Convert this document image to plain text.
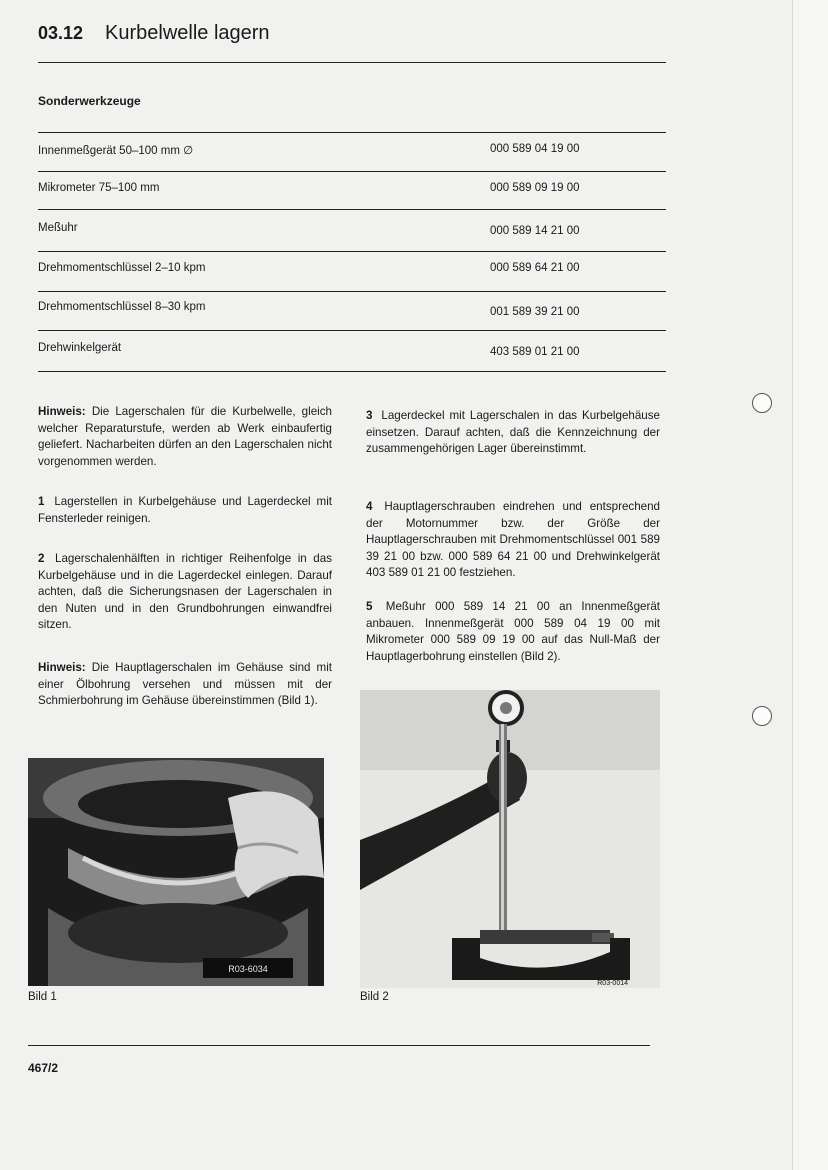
03.12 Kurbelwelle lagern
Sonderwerkzeuge
Innenmeßgerät 50–100 mm ∅	000 589 04 19 00
Mikrometer 75–100 mm	000 589 09 19 00
Meßuhr	000 589 14 21 00
Drehmomentschlüssel 2–10 kpm	000 589 64 21 00
Drehmomentschlüssel 8–30 kpm	001 589 39 21 00
Drehwinkelgerät	403 589 01 21 00
Hinweis: Die Lagerschalen für die Kurbelwelle, gleich welcher Reparaturstufe, werden ab Werk einbaufertig geliefert. Nacharbeiten dürfen an den Lagerschalen nicht vorgenommen werden.
1 Lagerstellen in Kurbelgehäuse und Lagerdeckel mit Fensterleder reinigen.
2 Lagerschalenhälften in richtiger Reihenfolge in das Kurbelgehäuse und in die Lagerdeckel einlegen. Darauf achten, daß die Sicherungsnasen der Lagerschalen in den Nuten und in den Grundbohrungen einwandfrei sitzen.
Hinweis: Die Hauptlagerschalen im Gehäuse sind mit einer Ölbohrung versehen und müssen mit der Schmierbohrung im Gehäuse übereinstimmen (Bild 1).
3 Lagerdeckel mit Lagerschalen in das Kurbelgehäuse einsetzen. Darauf achten, daß die Kennzeichnung der zusammengehörigen Lager übereinstimmt.
4 Hauptlagerschrauben eindrehen und entsprechend der Motornummer bzw. der Größe der Hauptlagerschrauben mit Drehmomentschlüssel 001 589 39 21 00 bzw. 000 589 64 21 00 und Drehwinkelgerät 403 589 01 21 00 festziehen.
5 Meßuhr 000 589 14 21 00 an Innenmeßgerät anbauen. Innenmeßgerät 000 589 04 19 00 mit Mikrometer 000 589 09 19 00 auf das Null-Maß der Hauptlagerbohrung einstellen (Bild 2).
R03-6034
Bild 1
R03-0014
Bild 2
467/2
